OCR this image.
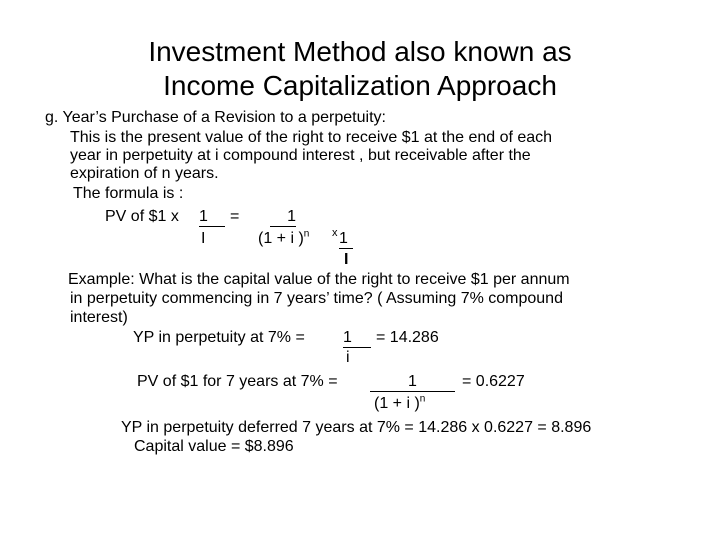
Investment Method also known as
Income Capitalization Approach
g. Year’s Purchase of a Revision to a perpetuity:
This is the present value of the right to receive $1 at the end of each
year in perpetuity at i compound interest , but receivable after the
expiration of n years.
The formula is :
PV of $1 x 1	=	1
I	(1 + i )$^n$ x 1
I
Example: What is the capital value of the right to receive $1 per annum
in perpetuity commencing in 7 years’ time? ( Assuming 7% compound
interest)
YP in perpetuity at 7% = 1	= 14.286
i
PV of $1 for 7 years at 7% =	1	= 0.6227
(1 + i )$^n$
YP in perpetuity deferred 7 years at 7% = 14.286 x 0.6227 = 8.896
Capital value = $8.896
